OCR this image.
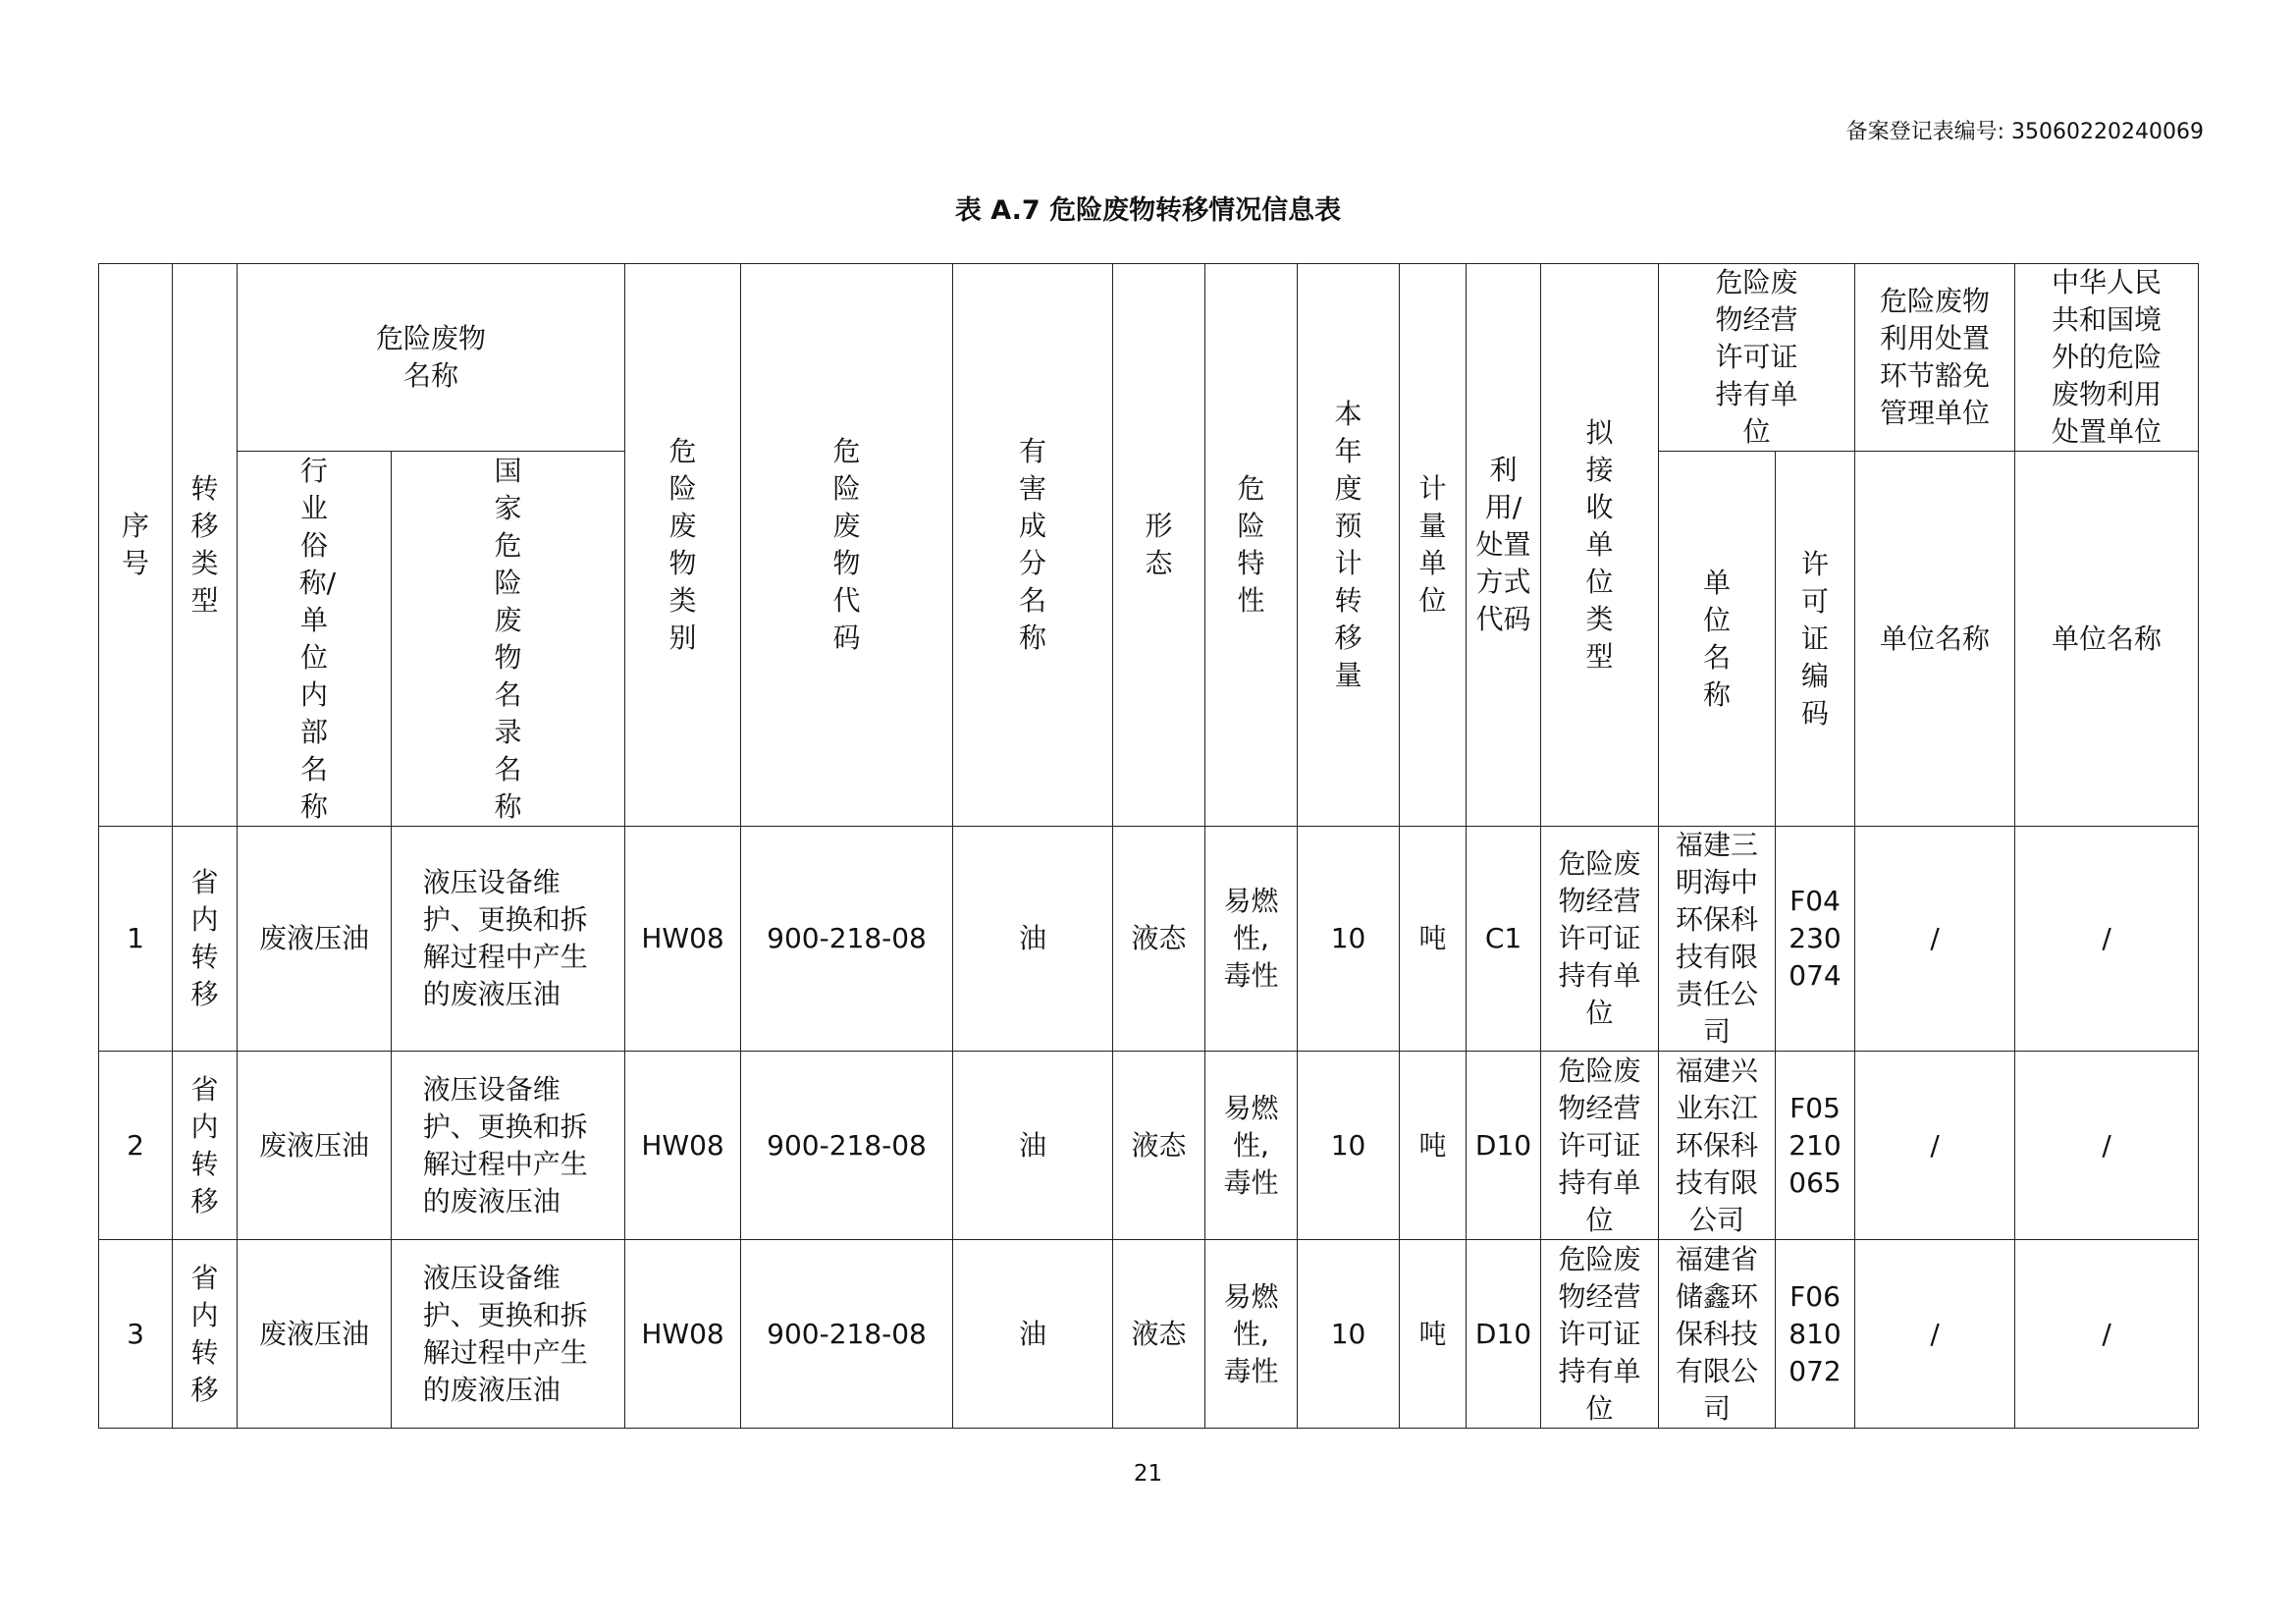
备案登记表编号: 35060220240069
表 A.7 危险废物转移情况信息表
序号	转移类型	危险废物名称		危险废物类别	危险废物代码	有害成分名称	形态	危险特性	本年度预计转移量	计量单位	利用/处置方式代码	拟接收单位类型	危险废物经营许可证持有单位		危险废物利用处置环节豁免管理单位	中华人民共和国境外的危险废物利用处置单位
		行业俗称/单位内部名称	国家危险废物名录名称										单位名称	许可证编码	单位名称	单位名称
1	省内转移	废液压油	液压设备维护、更换和拆解过程中产生的废液压油	HW08	900-218-08	油	液态	易燃性,毒性	10	吨	C1	危险废物经营许可证持有单位	福建三明海中环保科技有限责任公司	F04230074	/	/
2	省内转移	废液压油	液压设备维护、更换和拆解过程中产生的废液压油	HW08	900-218-08	油	液态	易燃性,毒性	10	吨	D10	危险废物经营许可证持有单位	福建兴业东江环保科技有限公司	F05210065	/	/
3	省内转移	废液压油	液压设备维护、更换和拆解过程中产生的废液压油	HW08	900-218-08	油	液态	易燃性,毒性	10	吨	D10	危险废物经营许可证持有单位	福建省储鑫环保科技有限公司	F06810072	/	/
21
